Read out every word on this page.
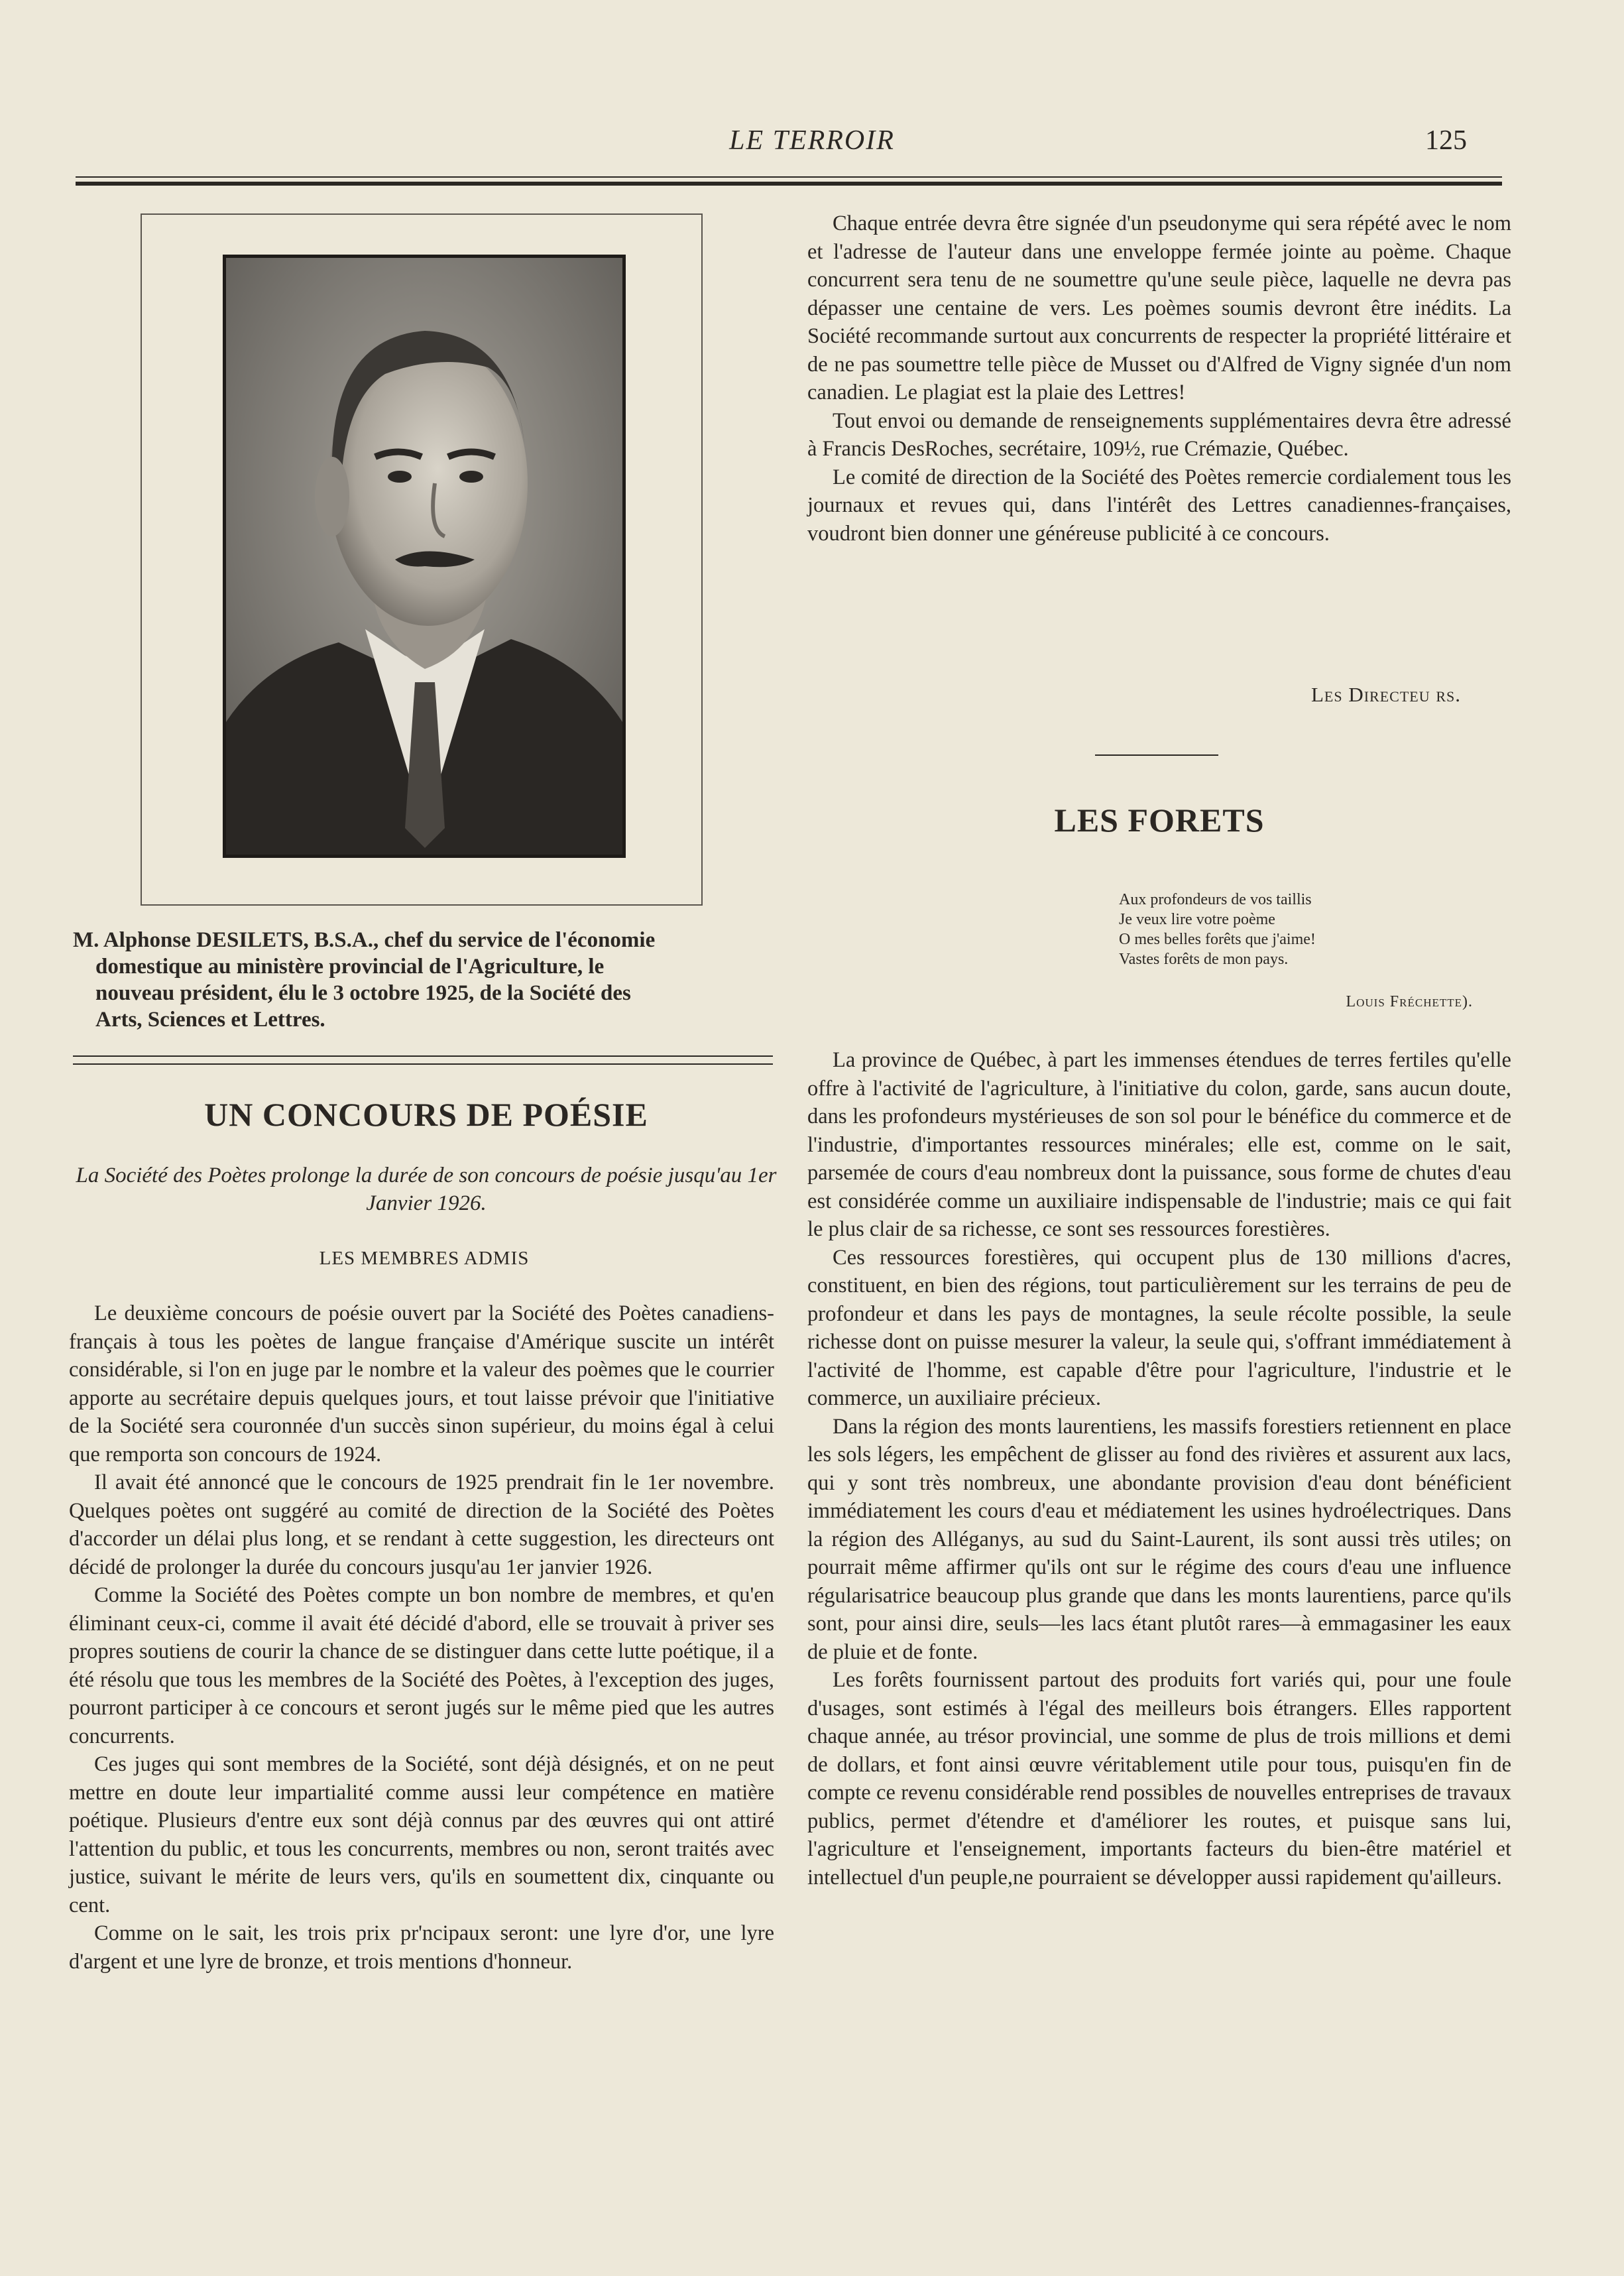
LE TERROIR	125
M. Alphonse DESILETS, B.S.A., chef du service de l'économie
domestique au ministère provincial de l'Agriculture, le
nouveau président, élu le 3 octobre 1925, de la Société des
Arts, Sciences et Lettres.
UN CONCOURS DE POÉSIE
La Société des Poètes prolonge la durée de son concours de poésie jusqu'au 1er Janvier 1926.
LES MEMBRES ADMIS

Le deuxième concours de poésie ouvert par la Société des Poètes canadiens-français à tous les poètes de langue française d'Amérique suscite un intérêt considérable, si l'on en juge par le nombre et la valeur des poèmes que le courrier apporte au secrétaire depuis quelques jours, et tout laisse prévoir que l'initiative de la Société sera couronnée d'un succès sinon supérieur, du moins égal à celui que remporta son concours de 1924.

Il avait été annoncé que le concours de 1925 prendrait fin le 1er novembre. Quelques poètes ont suggéré au comité de direction de la Société des Poètes d'accorder un délai plus long, et se rendant à cette suggestion, les directeurs ont décidé de prolonger la durée du concours jusqu'au 1er janvier 1926.

Comme la Société des Poètes compte un bon nombre de membres, et qu'en éliminant ceux-ci, comme il avait été décidé d'abord, elle se trouvait à priver ses propres soutiens de courir la chance de se distinguer dans cette lutte poétique, il a été résolu que tous les membres de la Société des Poètes, à l'exception des juges, pourront participer à ce concours et seront jugés sur le même pied que les autres concurrents.

Ces juges qui sont membres de la Société, sont déjà désignés, et on ne peut mettre en doute leur impartialité comme aussi leur compétence en matière poétique. Plusieurs d'entre eux sont déjà connus par des œuvres qui ont attiré l'attention du public, et tous les concurrents, membres ou non, seront traités avec justice, suivant le mérite de leurs vers, qu'ils en soumettent dix, cinquante ou cent.

Comme on le sait, les trois prix pr'ncipaux seront: une lyre d'or, une lyre d'argent et une lyre de bronze, et trois mentions d'honneur.

Chaque entrée devra être signée d'un pseudonyme qui sera répété avec le nom et l'adresse de l'auteur dans une enveloppe fermée jointe au poème. Chaque concurrent sera tenu de ne soumettre qu'une seule pièce, laquelle ne devra pas dépasser une centaine de vers. Les poèmes soumis devront être inédits. La Société recommande surtout aux concurrents de respecter la propriété littéraire et de ne pas soumettre telle pièce de Musset ou d'Alfred de Vigny signée d'un nom canadien. Le plagiat est la plaie des Lettres!

Tout envoi ou demande de renseignements supplémentaires devra être adressé à Francis DesRoches, secrétaire, 109½, rue Crémazie, Québec.

Le comité de direction de la Société des Poètes remercie cordialement tous les journaux et revues qui, dans l'intérêt des Lettres canadiennes-françaises, voudront bien donner une généreuse publicité à ce concours.

Les Directeu rs.
LES FORETS
Aux profondeurs de vos taillis
Je veux lire votre poème
O mes belles forêts que j'aime!
Vastes forêts de mon pays.
Louis Fréchette).

La province de Québec, à part les immenses étendues de terres fertiles qu'elle offre à l'activité de l'agriculture, à l'initiative du colon, garde, sans aucun doute, dans les profondeurs mystérieuses de son sol pour le bénéfice du commerce et de l'industrie, d'importantes ressources minérales; elle est, comme on le sait, parsemée de cours d'eau nombreux dont la puissance, sous forme de chutes d'eau est considérée comme un auxiliaire indispensable de l'industrie; mais ce qui fait le plus clair de sa richesse, ce sont ses ressources forestières.

Ces ressources forestières, qui occupent plus de 130 millions d'acres, constituent, en bien des régions, tout particulièrement sur les terrains de peu de profondeur et dans les pays de montagnes, la seule récolte possible, la seule richesse dont on puisse mesurer la valeur, la seule qui, s'offrant immédiatement à l'activité de l'homme, est capable d'être pour l'agriculture, l'industrie et le commerce, un auxiliaire précieux.

Dans la région des monts laurentiens, les massifs forestiers retiennent en place les sols légers, les empêchent de glisser au fond des rivières et assurent aux lacs, qui y sont très nombreux, une abondante provision d'eau dont bénéficient immédiatement les cours d'eau et médiatement les usines hydroélectriques. Dans la région des Alléganys, au sud du Saint-Laurent, ils sont aussi très utiles; on pourrait même affirmer qu'ils ont sur le régime des cours d'eau une influence régularisatrice beaucoup plus grande que dans les monts laurentiens, parce qu'ils sont, pour ainsi dire, seuls—les lacs étant plutôt rares—à emmagasiner les eaux de pluie et de fonte.

Les forêts fournissent partout des produits fort variés qui, pour une foule d'usages, sont estimés à l'égal des meilleurs bois étrangers. Elles rapportent chaque année, au trésor provincial, une somme de plus de trois millions et demi de dollars, et font ainsi œuvre véritablement utile pour tous, puisqu'en fin de compte ce revenu considérable rend possibles de nouvelles entreprises de travaux publics, permet d'étendre et d'améliorer les routes, et puisque sans lui, l'agriculture et l'enseignement, importants facteurs du bien-être matériel et intellectuel d'un peuple,ne pourraient se développer aussi rapidement qu'ailleurs.
